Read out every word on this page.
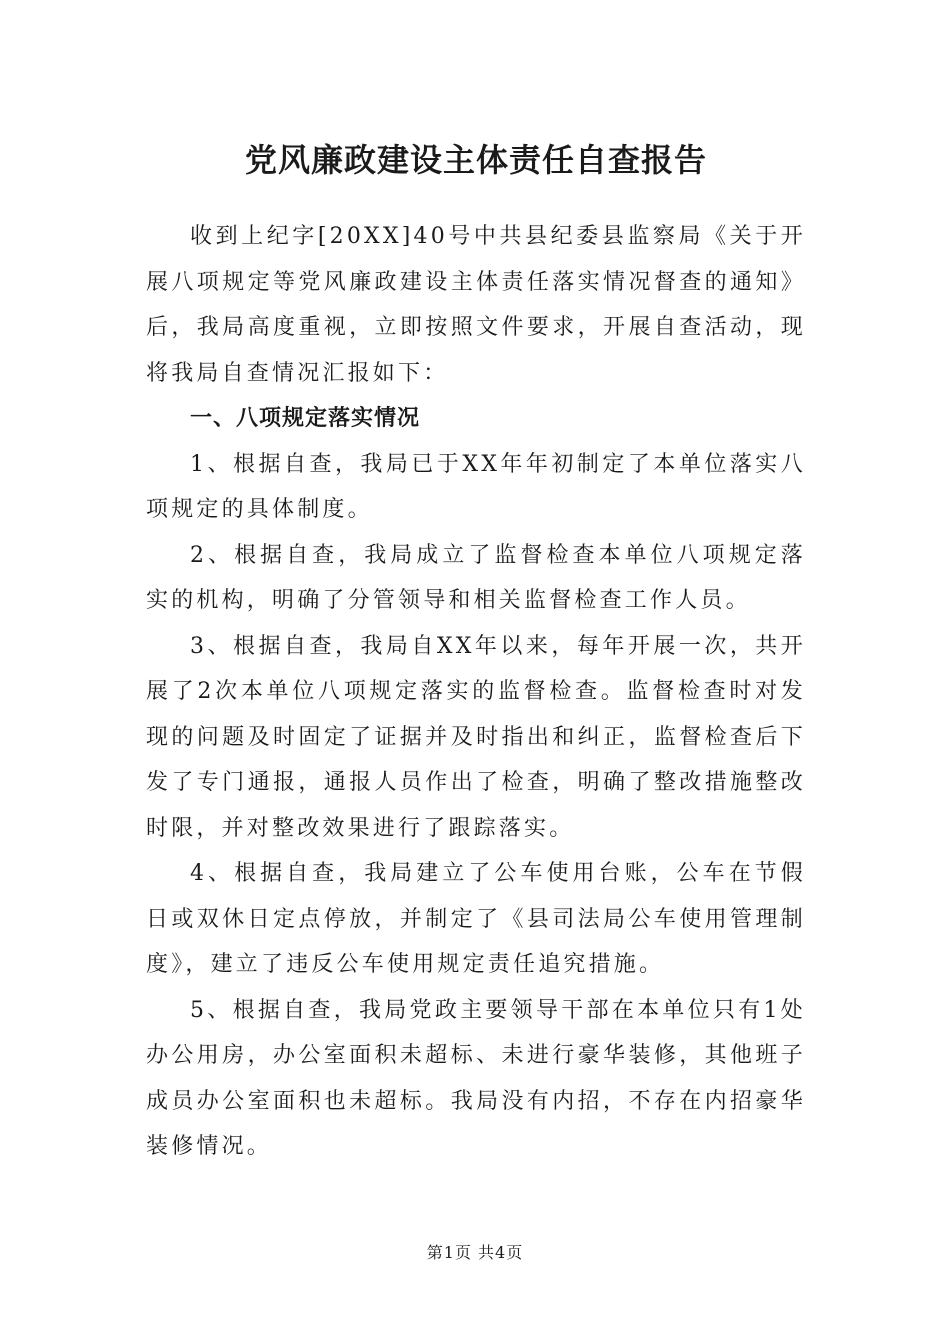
党风廉政建设主体责任自查报告

收到上纪字[20XX]40号中共县纪委县监察局《关于开展八项规定等党风廉政建设主体责任落实情况督查的通知》后，我局高度重视，立即按照文件要求，开展自查活动，现将我局自查情况汇报如下：

一、八项规定落实情况

1、根据自查，我局已于XX年年初制定了本单位落实八项规定的具体制度。

2、根据自查，我局成立了监督检查本单位八项规定落实的机构，明确了分管领导和相关监督检查工作人员。

3、根据自查，我局自XX年以来，每年开展一次，共开展了2次本单位八项规定落实的监督检查。监督检查时对发现的问题及时固定了证据并及时指出和纠正，监督检查后下发了专门通报，通报人员作出了检查，明确了整改措施整改时限，并对整改效果进行了跟踪落实。

4、根据自查，我局建立了公车使用台账，公车在节假日或双休日定点停放，并制定了《县司法局公车使用管理制度》，建立了违反公车使用规定责任追究措施。

5、根据自查，我局党政主要领导干部在本单位只有1处办公用房，办公室面积未超标、未进行豪华装修，其他班子成员办公室面积也未超标。我局没有内招，不存在内招豪华装修情况。

第1页 共4页
